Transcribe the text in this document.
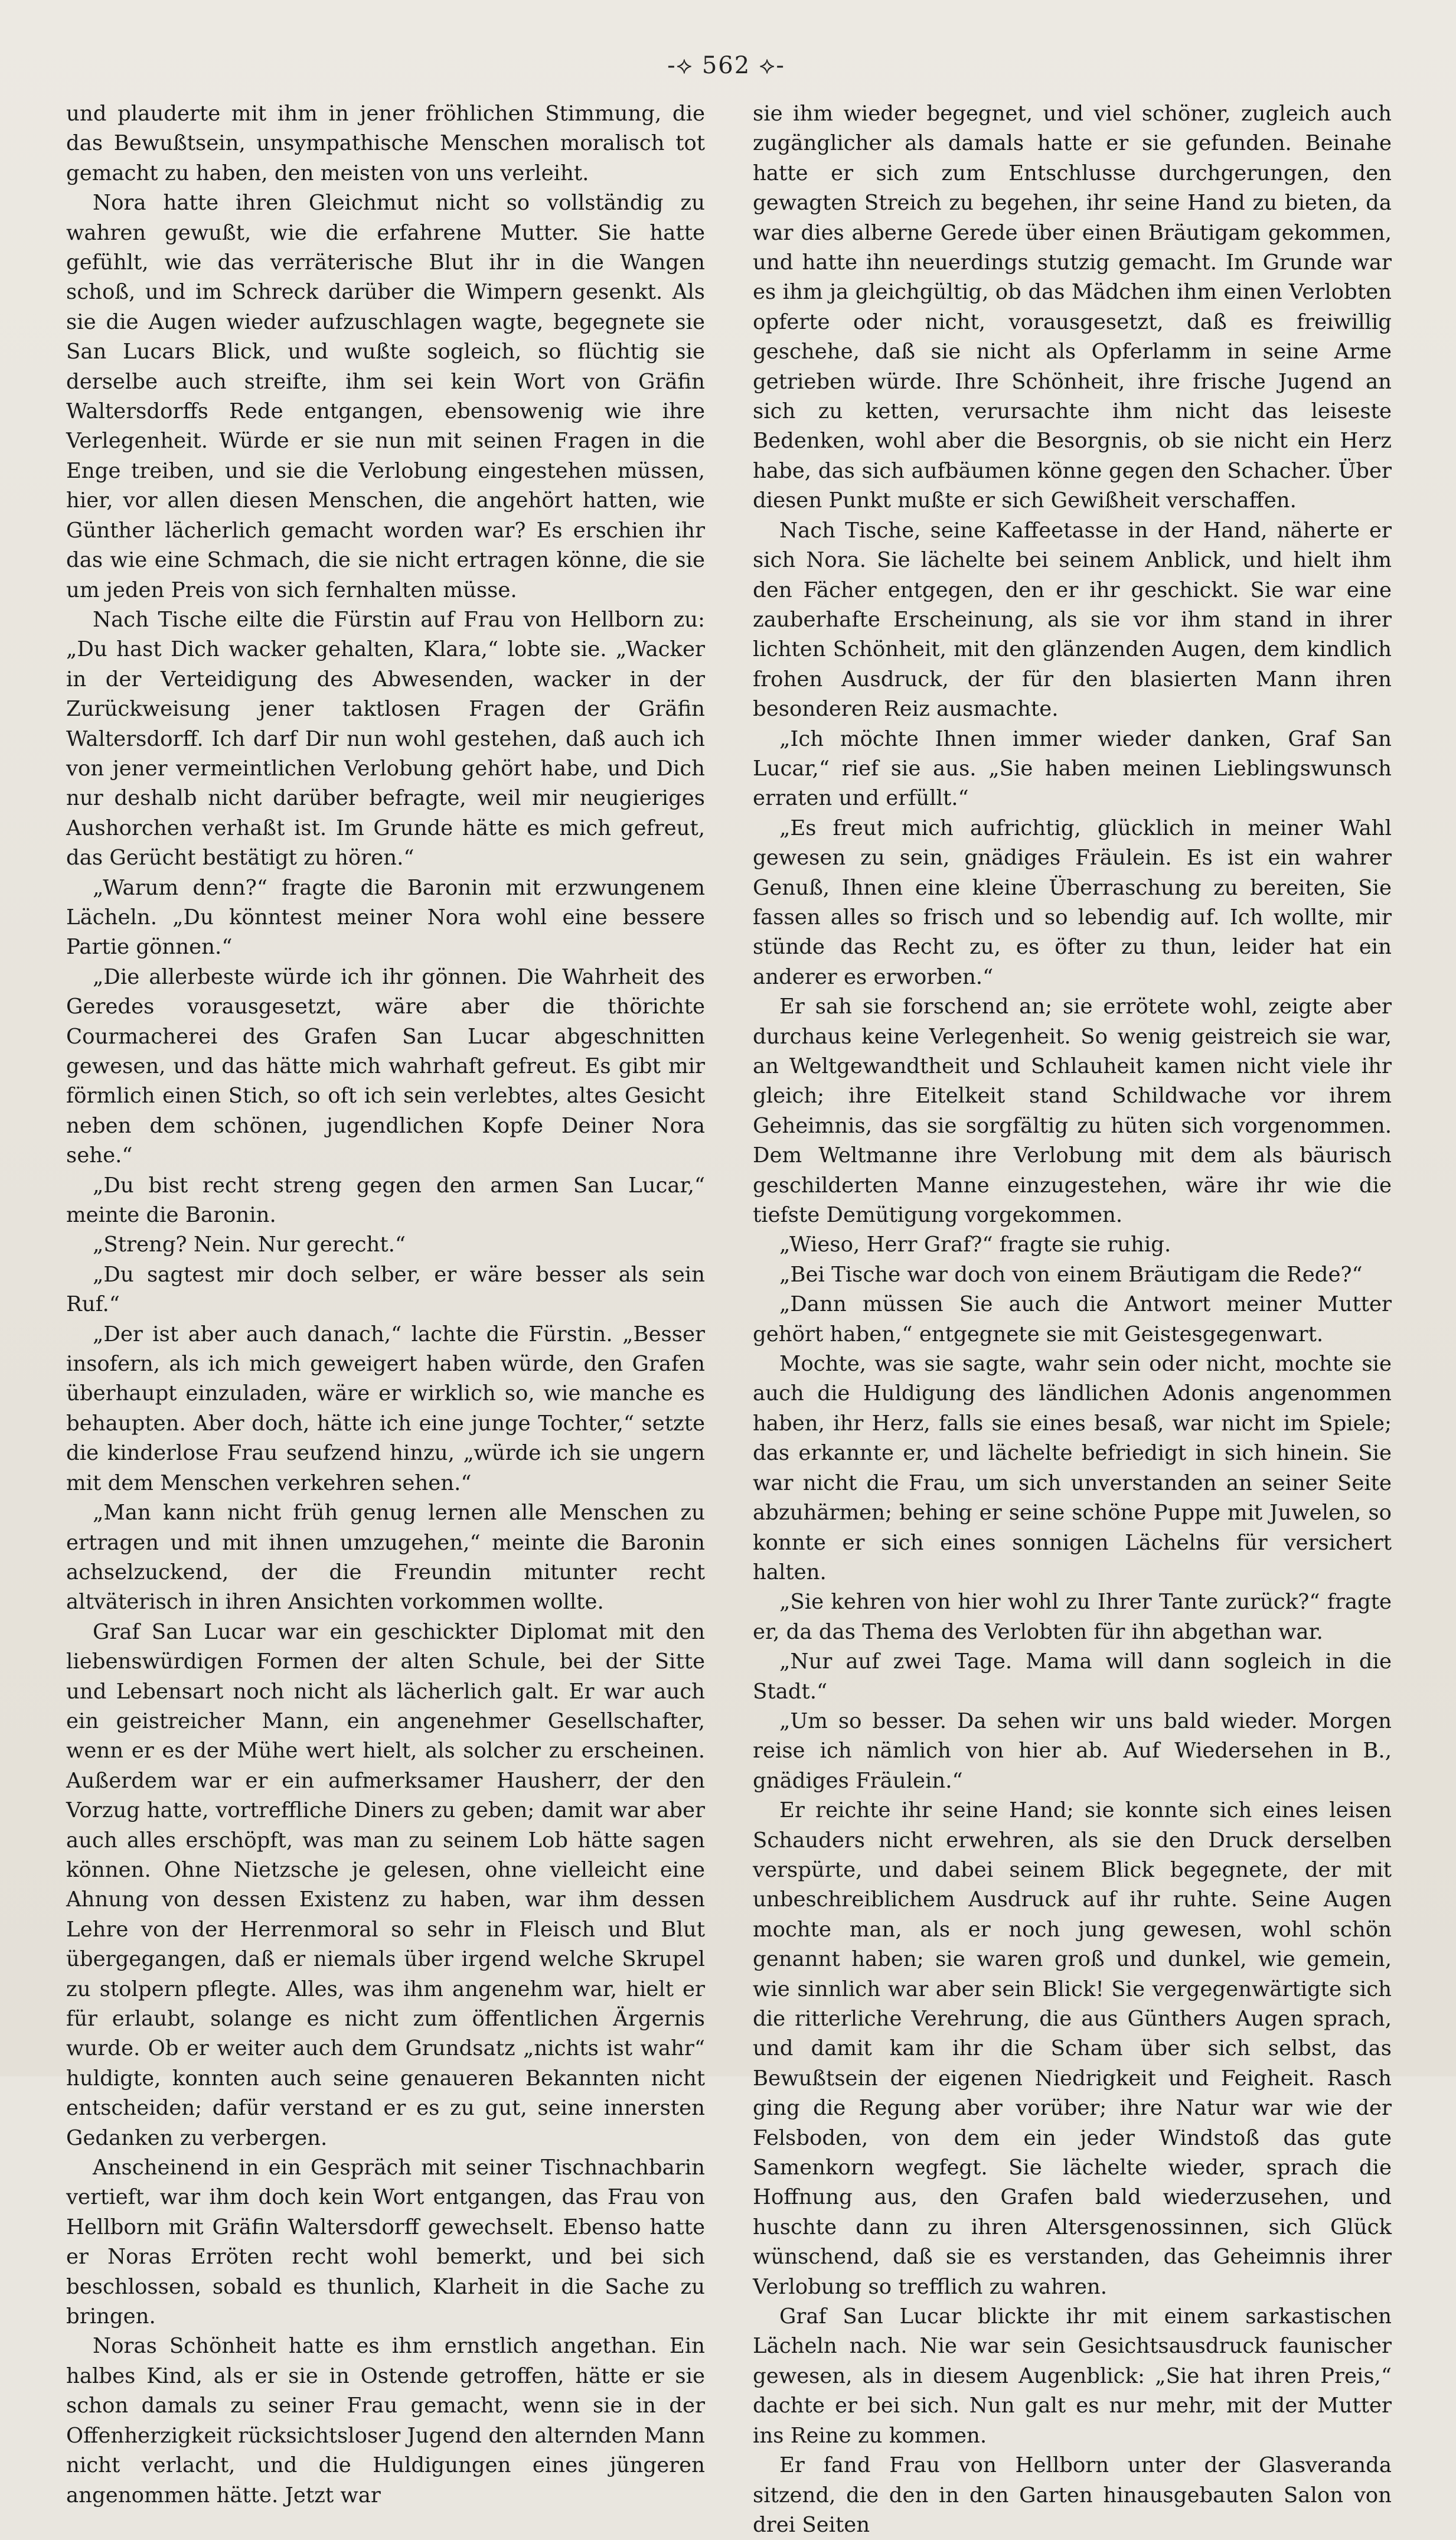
-⟡ 562 ⟡-

und plauderte mit ihm in jener fröhlichen Stimmung, die das Bewußtsein, unsympathische Menschen moralisch tot gemacht zu haben, den meisten von uns verleiht.

Nora hatte ihren Gleichmut nicht so vollständig zu wahren gewußt, wie die erfahrene Mutter. Sie hatte gefühlt, wie das verräterische Blut ihr in die Wangen schoß, und im Schreck darüber die Wimpern gesenkt. Als sie die Augen wieder aufzuschlagen wagte, begegnete sie San Lucars Blick, und wußte sogleich, so flüchtig sie derselbe auch streifte, ihm sei kein Wort von Gräfin Waltersdorffs Rede entgangen, ebensowenig wie ihre Verlegenheit. Würde er sie nun mit seinen Fragen in die Enge treiben, und sie die Verlobung eingestehen müssen, hier, vor allen diesen Menschen, die angehört hatten, wie Günther lächerlich gemacht worden war? Es erschien ihr das wie eine Schmach, die sie nicht ertragen könne, die sie um jeden Preis von sich fernhalten müsse.

Nach Tische eilte die Fürstin auf Frau von Hellborn zu: „Du hast Dich wacker gehalten, Klara,“ lobte sie. „Wacker in der Verteidigung des Abwesenden, wacker in der Zurückweisung jener taktlosen Fragen der Gräfin Waltersdorff. Ich darf Dir nun wohl gestehen, daß auch ich von jener vermeintlichen Verlobung gehört habe, und Dich nur deshalb nicht darüber befragte, weil mir neugieriges Aushorchen verhaßt ist. Im Grunde hätte es mich gefreut, das Gerücht bestätigt zu hören.“

„Warum denn?“ fragte die Baronin mit erzwungenem Lächeln. „Du könntest meiner Nora wohl eine bessere Partie gönnen.“

„Die allerbeste würde ich ihr gönnen. Die Wahrheit des Geredes vorausgesetzt, wäre aber die thörichte Courmacherei des Grafen San Lucar abgeschnitten gewesen, und das hätte mich wahrhaft gefreut. Es gibt mir förmlich einen Stich, so oft ich sein verlebtes, altes Gesicht neben dem schönen, jugendlichen Kopfe Deiner Nora sehe.“

„Du bist recht streng gegen den armen San Lucar,“ meinte die Baronin.

„Streng? Nein. Nur gerecht.“

„Du sagtest mir doch selber, er wäre besser als sein Ruf.“

„Der ist aber auch danach,“ lachte die Fürstin. „Besser insofern, als ich mich geweigert haben würde, den Grafen überhaupt einzuladen, wäre er wirklich so, wie manche es behaupten. Aber doch, hätte ich eine junge Tochter,“ setzte die kinderlose Frau seufzend hinzu, „würde ich sie ungern mit dem Menschen verkehren sehen.“

„Man kann nicht früh genug lernen alle Menschen zu ertragen und mit ihnen umzugehen,“ meinte die Baronin achselzuckend, der die Freundin mitunter recht altväterisch in ihren Ansichten vorkommen wollte.

Graf San Lucar war ein geschickter Diplomat mit den liebenswürdigen Formen der alten Schule, bei der Sitte und Lebensart noch nicht als lächerlich galt. Er war auch ein geistreicher Mann, ein angenehmer Gesellschafter, wenn er es der Mühe wert hielt, als solcher zu erscheinen. Außerdem war er ein aufmerksamer Hausherr, der den Vorzug hatte, vortreffliche Diners zu geben; damit war aber auch alles erschöpft, was man zu seinem Lob hätte sagen können. Ohne Nietzsche je gelesen, ohne vielleicht eine Ahnung von dessen Existenz zu haben, war ihm dessen Lehre von der Herrenmoral so sehr in Fleisch und Blut übergegangen, daß er niemals über irgend welche Skrupel zu stolpern pflegte. Alles, was ihm angenehm war, hielt er für erlaubt, solange es nicht zum öffentlichen Ärgernis wurde. Ob er weiter auch dem Grundsatz „nichts ist wahr“ huldigte, konnten auch seine genaueren Bekannten nicht entscheiden; dafür verstand er es zu gut, seine innersten Gedanken zu verbergen.

Anscheinend in ein Gespräch mit seiner Tischnachbarin vertieft, war ihm doch kein Wort entgangen, das Frau von Hellborn mit Gräfin Waltersdorff gewechselt. Ebenso hatte er Noras Erröten recht wohl bemerkt, und bei sich beschlossen, sobald es thunlich, Klarheit in die Sache zu bringen.

Noras Schönheit hatte es ihm ernstlich angethan. Ein halbes Kind, als er sie in Ostende getroffen, hätte er sie schon damals zu seiner Frau gemacht, wenn sie in der Offenherzigkeit rücksichtsloser Jugend den alternden Mann nicht verlacht, und die Huldigungen eines jüngeren angenommen hätte. Jetzt war

sie ihm wieder begegnet, und viel schöner, zugleich auch zugänglicher als damals hatte er sie gefunden. Beinahe hatte er sich zum Entschlusse durchgerungen, den gewagten Streich zu begehen, ihr seine Hand zu bieten, da war dies alberne Gerede über einen Bräutigam gekommen, und hatte ihn neuerdings stutzig gemacht. Im Grunde war es ihm ja gleichgültig, ob das Mädchen ihm einen Verlobten opferte oder nicht, vorausgesetzt, daß es freiwillig geschehe, daß sie nicht als Opferlamm in seine Arme getrieben würde. Ihre Schönheit, ihre frische Jugend an sich zu ketten, verursachte ihm nicht das leiseste Bedenken, wohl aber die Besorgnis, ob sie nicht ein Herz habe, das sich aufbäumen könne gegen den Schacher. Über diesen Punkt mußte er sich Gewißheit verschaffen.

Nach Tische, seine Kaffeetasse in der Hand, näherte er sich Nora. Sie lächelte bei seinem Anblick, und hielt ihm den Fächer entgegen, den er ihr geschickt. Sie war eine zauberhafte Erscheinung, als sie vor ihm stand in ihrer lichten Schönheit, mit den glänzenden Augen, dem kindlich frohen Ausdruck, der für den blasierten Mann ihren besonderen Reiz ausmachte.

„Ich möchte Ihnen immer wieder danken, Graf San Lucar,“ rief sie aus. „Sie haben meinen Lieblingswunsch erraten und erfüllt.“

„Es freut mich aufrichtig, glücklich in meiner Wahl gewesen zu sein, gnädiges Fräulein. Es ist ein wahrer Genuß, Ihnen eine kleine Überraschung zu bereiten, Sie fassen alles so frisch und so lebendig auf. Ich wollte, mir stünde das Recht zu, es öfter zu thun, leider hat ein anderer es erworben.“

Er sah sie forschend an; sie errötete wohl, zeigte aber durchaus keine Verlegenheit. So wenig geistreich sie war, an Weltgewandtheit und Schlauheit kamen nicht viele ihr gleich; ihre Eitelkeit stand Schildwache vor ihrem Geheimnis, das sie sorgfältig zu hüten sich vorgenommen. Dem Weltmanne ihre Verlobung mit dem als bäurisch geschilderten Manne einzugestehen, wäre ihr wie die tiefste Demütigung vorgekommen.

„Wieso, Herr Graf?“ fragte sie ruhig.

„Bei Tische war doch von einem Bräutigam die Rede?“

„Dann müssen Sie auch die Antwort meiner Mutter gehört haben,“ entgegnete sie mit Geistesgegenwart.

Mochte, was sie sagte, wahr sein oder nicht, mochte sie auch die Huldigung des ländlichen Adonis angenommen haben, ihr Herz, falls sie eines besaß, war nicht im Spiele; das erkannte er, und lächelte befriedigt in sich hinein. Sie war nicht die Frau, um sich unverstanden an seiner Seite abzuhärmen; behing er seine schöne Puppe mit Juwelen, so konnte er sich eines sonnigen Lächelns für versichert halten.

„Sie kehren von hier wohl zu Ihrer Tante zurück?“ fragte er, da das Thema des Verlobten für ihn abgethan war.

„Nur auf zwei Tage. Mama will dann sogleich in die Stadt.“

„Um so besser. Da sehen wir uns bald wieder. Morgen reise ich nämlich von hier ab. Auf Wiedersehen in B., gnädiges Fräulein.“

Er reichte ihr seine Hand; sie konnte sich eines leisen Schauders nicht erwehren, als sie den Druck derselben verspürte, und dabei seinem Blick begegnete, der mit unbeschreiblichem Ausdruck auf ihr ruhte. Seine Augen mochte man, als er noch jung gewesen, wohl schön genannt haben; sie waren groß und dunkel, wie gemein, wie sinnlich war aber sein Blick! Sie vergegenwärtigte sich die ritterliche Verehrung, die aus Günthers Augen sprach, und damit kam ihr die Scham über sich selbst, das Bewußtsein der eigenen Niedrigkeit und Feigheit. Rasch ging die Regung aber vorüber; ihre Natur war wie der Felsboden, von dem ein jeder Windstoß das gute Samenkorn wegfegt. Sie lächelte wieder, sprach die Hoffnung aus, den Grafen bald wiederzusehen, und huschte dann zu ihren Altersgenossinnen, sich Glück wünschend, daß sie es verstanden, das Geheimnis ihrer Verlobung so trefflich zu wahren.

Graf San Lucar blickte ihr mit einem sarkastischen Lächeln nach. Nie war sein Gesichtsausdruck faunischer gewesen, als in diesem Augenblick: „Sie hat ihren Preis,“ dachte er bei sich. Nun galt es nur mehr, mit der Mutter ins Reine zu kommen.

Er fand Frau von Hellborn unter der Glasveranda sitzend, die den in den Garten hinausgebauten Salon von drei Seiten
